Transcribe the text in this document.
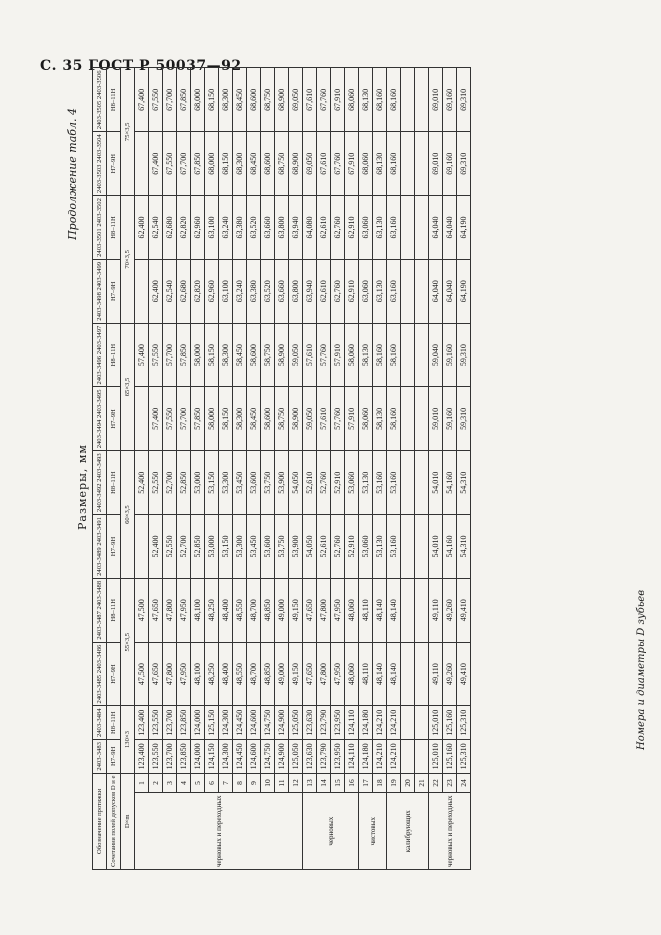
С. 35 ГОСТ Р 50037—92
Продолжение табл. 4
Размеры, мм
Обозначение протяжки		2403-3483	2403-3484	2403-3485 2403-3486	2403-3487 2403-3488	2403-3489 2403-3491	2403-3492 2403-3493	2403-3494 2403-3495	2403-3496 2403-3497	2403-3498 2403-3499	2403-3501 2403-3502	2403-3503 2403-3504	2403-3505 2403-3506
Сочетания полей допусков D и е		H7–9H	H8–11H	H7–9H	H8–11H	H7–9H	H8–11H	H7–9H	H8–11H	H7–9H	H8–11H	H7–9H	H8–11H
D×m		130×3		55×3,5		60×3,5		65×3,5		70×3,5		75×3,5	
черновых и переходных	1	123,400	123,400	47,500	47,500		52,400		57,400		62,400		67,400
	2	123,550	123,550	47,650	47,650	52,400	52,550	57,400	57,550	62,400	62,540	67,400	67,550
	3	123,700	123,700	47,800	47,800	52,550	52,700	57,550	57,700	62,540	62,680	67,550	67,700
	4	123,850	123,850	47,950	47,950	52,700	52,850	57,700	57,850	62,680	62,820	67,700	67,850
	5	124,000	124,000	48,100	48,100	52,850	53,000	57,850	58,000	62,820	62,960	67,850	68,000
	6	124,150	125,150	48,250	48,250	53,000	53,150	58,000	58,150	62,960	63,100	68,000	68,150
	7	124,300	124,300	48,400	48,400	53,150	53,300	58,150	58,300	63,100	63,240	68,150	68,300
	8	124,450	124,450	48,550	48,550	53,300	53,450	58,300	58,450	63,240	63,380	68,300	68,450
	9	124,600	124,600	48,700	48,700	53,450	53,600	58,450	58,600	63,380	63,520	68,450	68,600
	10	124,750	124,750	48,850	48,850	53,600	53,750	58,600	58,750	63,520	63,660	68,600	68,750
	11	124,900	124,900	49,000	49,000	53,750	53,900	58,750	58,900	63,660	63,800	68,750	68,900
	12	125,050	125,050	49,150	49,150	53,900	54,050	58,900	59,050	63,800	63,940	68,900	69,050
черновых	13	123,630	123,630	47,650	47,650	54,050	52,610	59,050	57,610	63,940	64,080	69,050	67,610
	14	123,790	123,790	47,800	47,800	52,610	52,760	57,610	57,760	62,610	62,610	67,610	67,760
	15	123,950	123,950	47,950	47,950	52,760	52,910	57,760	57,910	62,760	62,760	67,760	67,910
	16	124,110	124,110	48,060	48,060	52,910	53,060	57,910	58,060	62,910	62,910	67,910	68,060
чистовых	17	124,180	124,180	48,110	48,110	53,060	53,130	58,060	58,130	63,060	63,060	68,060	68,130
	18	124,210	124,210	48,140	48,140	53,130	53,160	58,130	58,160	63,130	63,130	68,130	68,160
калибрующих	19	124,210	124,210	48,140	48,140	53,160	53,160	58,160	58,160	63,160	63,160	68,160	68,160
	20												
	21												
черновых и переходных	22	125,010	125,010	49,110	49,110	54,010	54,010	59,010	59,040	64,040	64,040	69,010	69,010
	23	125,160	125,160	49,260	49,260	54,160	54,160	59,160	59,160	64,040	64,040	69,160	69,160
	24	125,310	125,310	49,410	49,410	54,310	54,310	59,310	59,310	64,190	64,190	69,310	69,310
Номера и диаметры D зубьев
